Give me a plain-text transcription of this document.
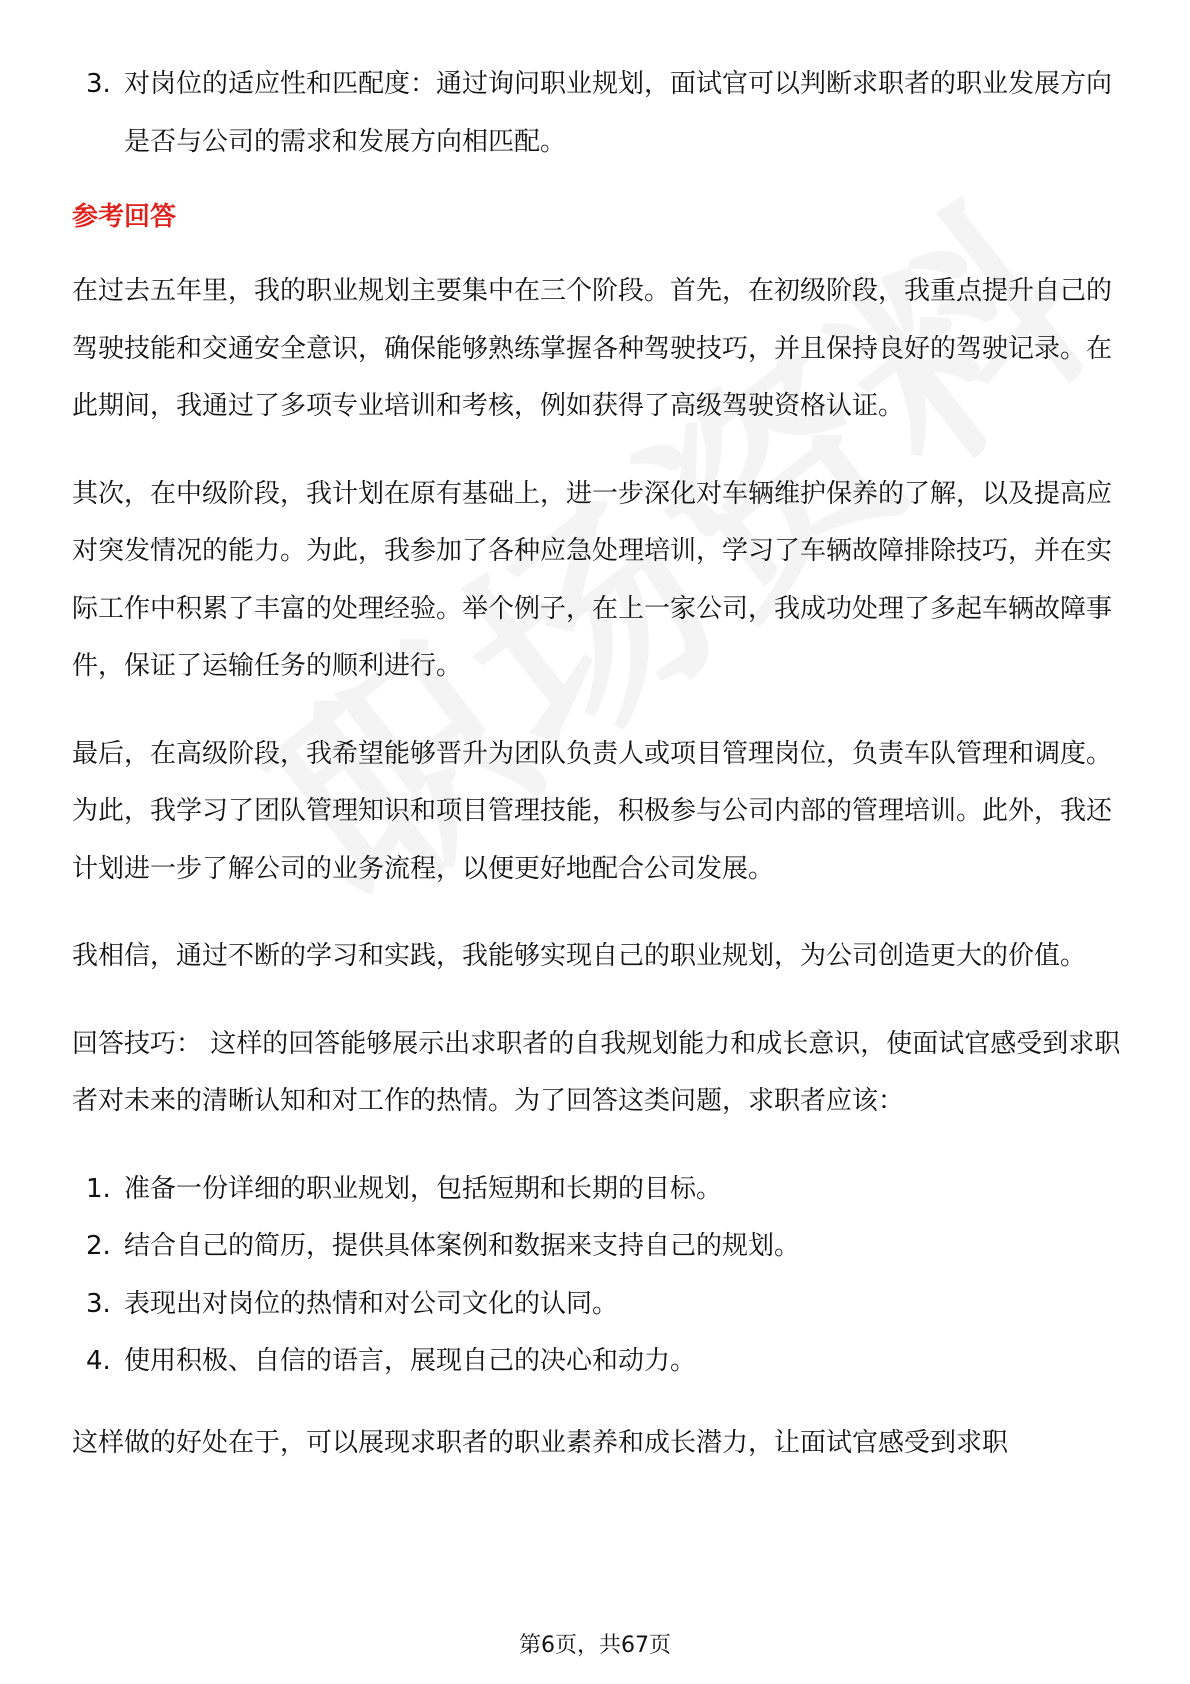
3. 对岗位的适应性和匹配度：通过询问职业规划，面试官可以判断求职者的职业发展方向是否与公司的需求和发展方向相匹配。
参考回答

在过去五年里，我的职业规划主要集中在三个阶段。首先，在初级阶段，我重点提升自己的驾驶技能和交通安全意识，确保能够熟练掌握各种驾驶技巧，并且保持良好的驾驶记录。在此期间，我通过了多项专业培训和考核，例如获得了高级驾驶资格认证。

其次，在中级阶段，我计划在原有基础上，进一步深化对车辆维护保养的了解，以及提高应对突发情况的能力。为此，我参加了各种应急处理培训，学习了车辆故障排除技巧，并在实际工作中积累了丰富的处理经验。举个例子，在上一家公司，我成功处理了多起车辆故障事件，保证了运输任务的顺利进行。

最后，在高级阶段，我希望能够晋升为团队负责人或项目管理岗位，负责车队管理和调度。为此，我学习了团队管理知识和项目管理技能，积极参与公司内部的管理培训。此外，我还计划进一步了解公司的业务流程，以便更好地配合公司发展。

我相信，通过不断的学习和实践，我能够实现自己的职业规划，为公司创造更大的价值。

回答技巧： 这样的回答能够展示出求职者的自我规划能力和成长意识，使面试官感受到求职者对未来的清晰认知和对工作的热情。为了回答这类问题，求职者应该：

1. 准备一份详细的职业规划，包括短期和长期的目标。
2. 结合自己的简历，提供具体案例和数据来支持自己的规划。
3. 表现出对岗位的热情和对公司文化的认同。
4. 使用积极、自信的语言，展现自己的决心和动力。

这样做的好处在于，可以展现求职者的职业素养和成长潜力，让面试官感受到求职

第6页，共67页
